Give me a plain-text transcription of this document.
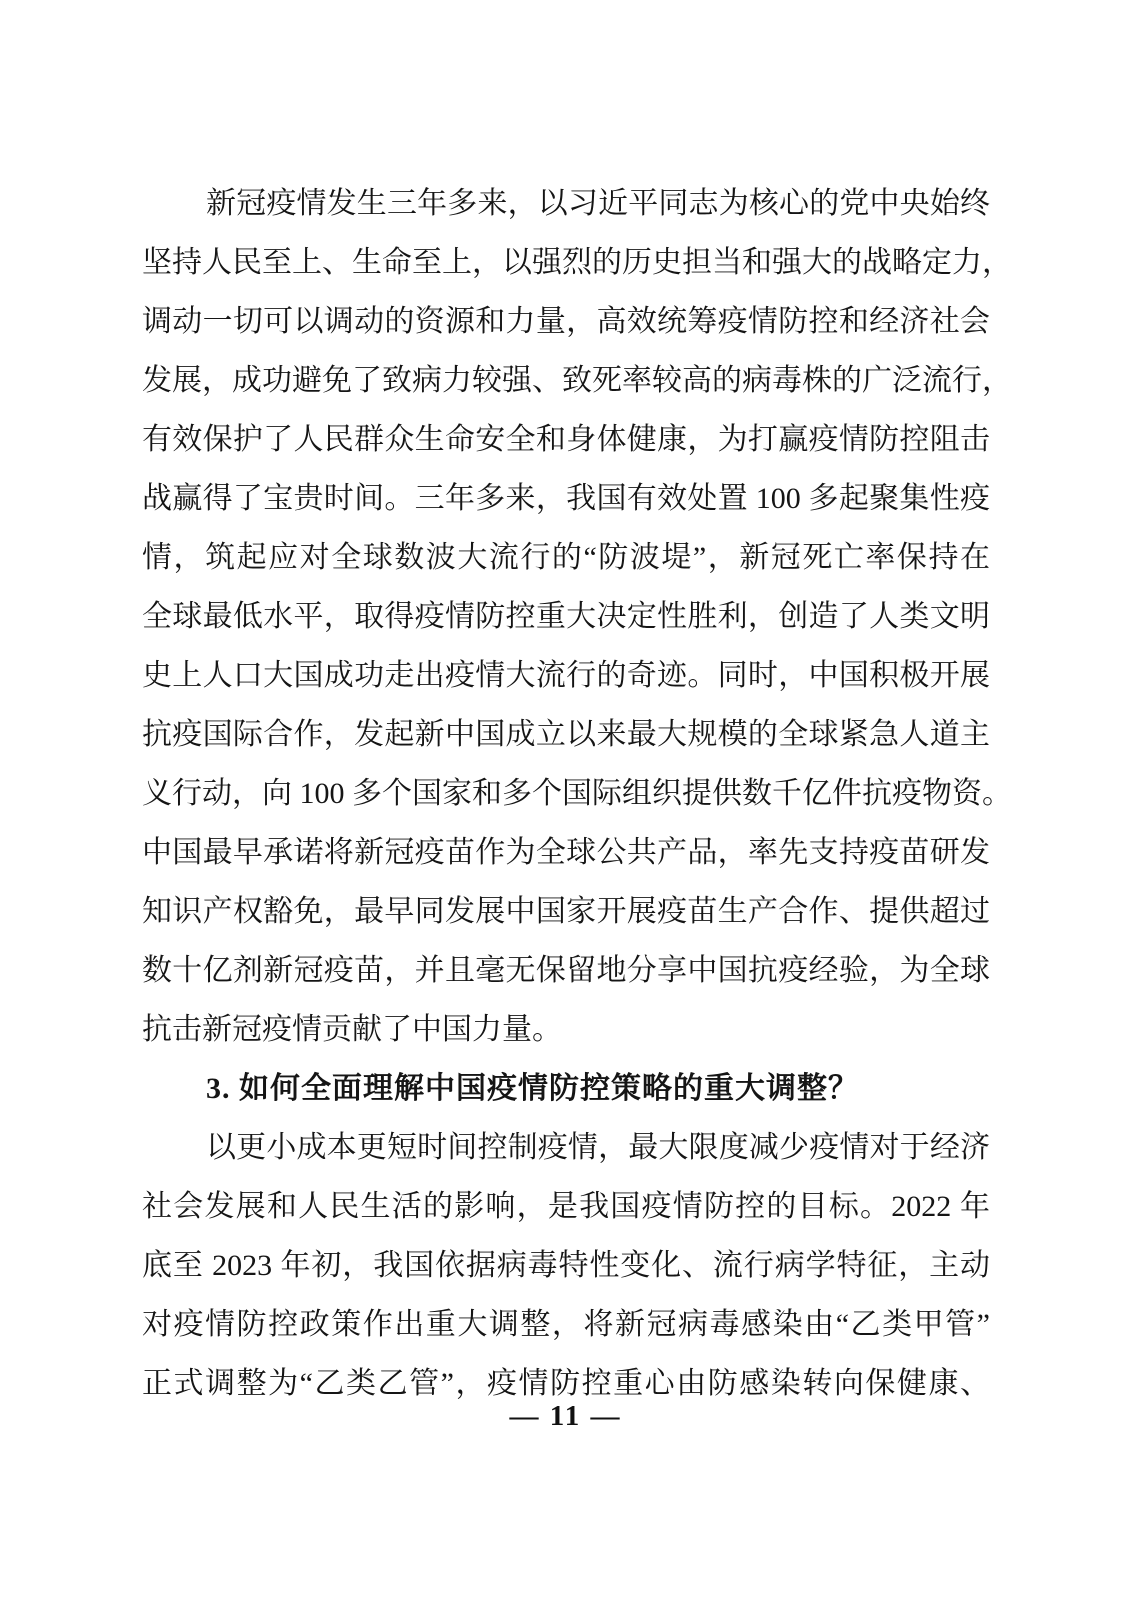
新冠疫情发生三年多来，以习近平同志为核心的党中央始终
坚持人民至上、生命至上，以强烈的历史担当和强大的战略定力，
调动一切可以调动的资源和力量，高效统筹疫情防控和经济社会
发展，成功避免了致病力较强、致死率较高的病毒株的广泛流行，
有效保护了人民群众生命安全和身体健康，为打赢疫情防控阻击
战赢得了宝贵时间。三年多来，我国有效处置 100 多起聚集性疫
情，筑起应对全球数波大流行的“防波堤”，新冠死亡率保持在
全球最低水平，取得疫情防控重大决定性胜利，创造了人类文明
史上人口大国成功走出疫情大流行的奇迹。同时，中国积极开展
抗疫国际合作，发起新中国成立以来最大规模的全球紧急人道主
义行动，向 100 多个国家和多个国际组织提供数千亿件抗疫物资。
中国最早承诺将新冠疫苗作为全球公共产品，率先支持疫苗研发
知识产权豁免，最早同发展中国家开展疫苗生产合作、提供超过
数十亿剂新冠疫苗，并且毫无保留地分享中国抗疫经验，为全球
抗击新冠疫情贡献了中国力量。
3. 如何全面理解中国疫情防控策略的重大调整？
以更小成本更短时间控制疫情，最大限度减少疫情对于经济
社会发展和人民生活的影响，是我国疫情防控的目标。2022 年
底至 2023 年初，我国依据病毒特性变化、流行病学特征，主动
对疫情防控政策作出重大调整，将新冠病毒感染由“乙类甲管”
正式调整为“乙类乙管”，疫情防控重心由防感染转向保健康、
— 11 —
